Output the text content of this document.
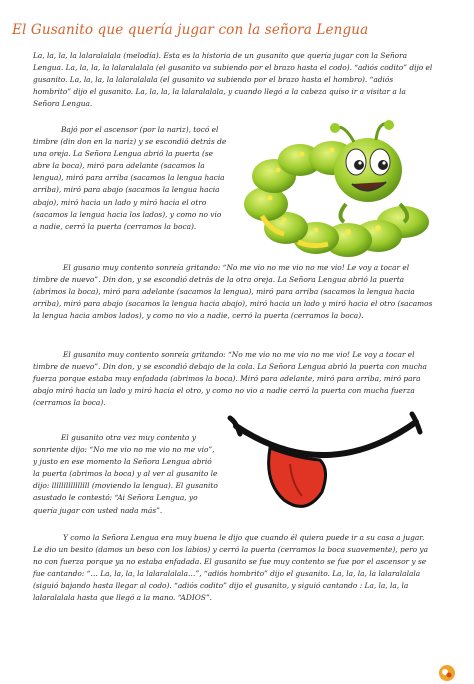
El Gusanito que quería jugar con la señora Lengua

La, la, la, la lalaralalala (melodía). Esta es la historia de un gusanito que quería jugar con la Señora Lengua. La, la, la, la lalaralalala (el gusanito va subiendo por el brazo hasta el codo). “adiós codito” dijo el gusanito. La, la, la, la lalaralalala (el gusanito va subiendo por el brazo hasta el hombro). “adiós hombrito” dijo el gusanito. La, la, la, la lalaralalala, y cuando llegó a la cabeza quiso ir a visitar a la Señora Lengua.

Bajó por el ascensor (por la nariz), tocó el timbre (din don en la nariz) y se escondió detrás de una oreja. La Señora Lengua abrió la puerta (se abre la boca), miró para adelante (sacamos la lengua), miró para arriba (sacamos la lengua hacia arriba), miró para abajo (sacamos la lengua hacia abajo), miró hacia un lado y miró hacia el otro (sacamos la lengua hacia los lados), y como no vio a nadie, cerró la puerta (cerramos la boca).

El gusano muy contento sonreía gritando: “No me vio no me vio no me vio! Le voy a tocar el timbre de nuevo”. Din don, y se escondió detrás de la otra oreja. La Señora Lengua abrió la puerta (abrimos la boca), miró para adelante (sacamos la lengua), miró para arriba (sacamos la lengua hacia arriba), miró para abajo (sacamos la lengua hacia abajo), miró hacia un lado y miró hacia el otro (sacamos la lengua hacia ambos lados), y como no vio a nadie, cerró la puerta (cerramos la boca).

El gusanito muy contento sonreía gritando: “No me vio no me vio no me vio! Le voy a tocar el timbre de nuevo”. Din don, y se escondió debajo de la cola. La Señora Lengua abrió la puerta con mucha fuerza porque estaba muy enfadada (abrimos la boca). Miró para adelante, miró para arriba, miró para abajo miró hacia un lado y miró hacia el otro, y como no vio a nadie cerró la puerta con mucha fuerza (cerramos la boca).

El gusanito otra vez muy contento y sonriente dijo: “No me vio no me vio no me vio”, y justo en ese momento la Señora Lengua abrió la puerta (abrimos la boca) y al ver al gusanito le dijo: llllllllllllllll (moviendo la lengua). El gusanito asustado le contestó: “Ai Señora Lengua, yo quería jugar con usted nada más”.

Y como la Señora Lengua era muy buena le dijo que cuando él quiera puede ir a su casa a jugar. Le dio un besito (damos un beso con los labios) y cerró la puerta (cerramos la boca suavemente), pero ya no con fuerza porque ya no estaba enfadada. El gusanito se fue muy contento se fue por el ascensor y se fue cantando: “… La, la, la, la lalaralalala…”, “adiós hombrito” dijo el gusanito. La, la, la, la lalaralalala (siguió bajando hasta llegar al codo). “adiós codito” dijo el gusanito, y siguió cantando : La, la, la, la lalaralalala hasta que llegó a la mano. “ADIOS”.
